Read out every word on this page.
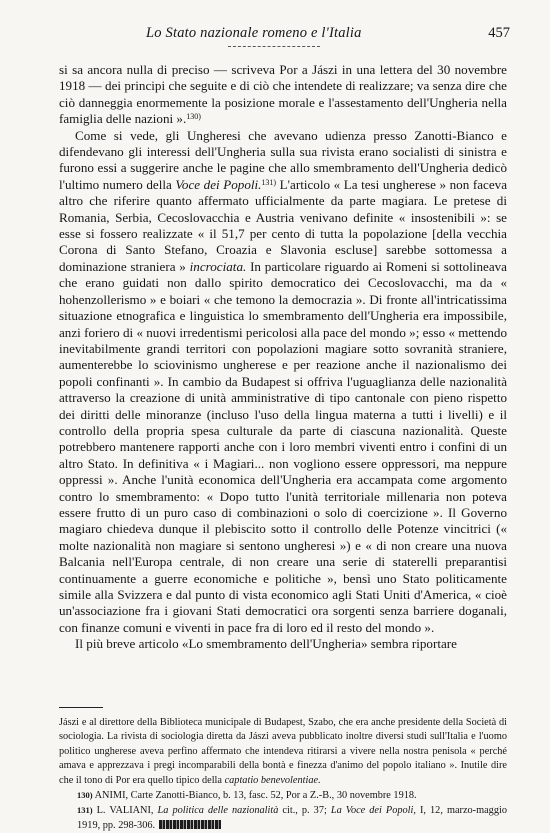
Lo Stato nazionale romeno e l'Italia	457

si sa ancora nulla di preciso — scriveva Por a Jászi in una lettera del 30 novembre 1918 — dei principi che seguite e di ciò che intendete di realizzare; va senza dire che ciò danneggia enormemente la posizione morale e l'assestamento dell'Ungheria nella famiglia delle nazioni ».$^{130)}$

Come si vede, gli Ungheresi che avevano udienza presso Zanotti-Bianco e difendevano gli interessi dell'Ungheria sulla sua rivista erano socialisti di sinistra e furono essi a suggerire anche le pagine che allo smembramento dell'Ungheria dedicò l'ultimo numero della Voce dei Popoli.$^{131)}$ L'articolo « La tesi ungherese » non faceva altro che riferire quanto affermato ufficialmente da parte magiara. Le pretese di Romania, Serbia, Cecoslovacchia e Austria venivano definite « insostenibili »: se esse si fossero realizzate « il 51,7 per cento di tutta la popolazione [della vecchia Corona di Santo Stefano, Croazia e Slavonia escluse] sarebbe sottomessa a dominazione straniera » incrociata. In particolare riguardo ai Romeni si sottolineava che erano guidati non dallo spirito democratico dei Cecoslovacchi, ma da « hohenzollerismo » e boiari « che temono la democrazia ». Di fronte all'intricatissima situazione etnografica e linguistica lo smembramento dell'Ungheria era impossibile, anzi foriero di « nuovi irredentismi pericolosi alla pace del mondo »; esso « mettendo inevitabilmente grandi territori con popolazioni magiare sotto sovranità straniere, aumenterebbe lo sciovinismo ungherese e per reazione anche il nazionalismo dei popoli confinanti ». In cambio da Budapest si offriva l'uguaglianza delle nazionalità attraverso la creazione di unità amministrative di tipo cantonale con pieno rispetto dei diritti delle minoranze (incluso l'uso della lingua materna a tutti i livelli) e il controllo della propria spesa culturale da parte di ciascuna nazionalità. Queste potrebbero mantenere rapporti anche con i loro membri viventi entro i confini di un altro Stato. In definitiva « i Magiari... non vogliono essere oppressori, ma neppure oppressi ». Anche l'unità economica dell'Ungheria era accampata come argomento contro lo smembramento: « Dopo tutto l'unità territoriale millenaria non poteva essere frutto di un puro caso di combinazioni o solo di coercizione ». Il Governo magiaro chiedeva dunque il plebiscito sotto il controllo delle Potenze vincitrici (« molte nazionalità non magiare si sentono ungheresi ») e « di non creare una nuova Balcania nell'Europa centrale, di non creare una serie di staterelli preparantisi continuamente a guerre economiche e politiche », bensì uno Stato politicamente simile alla Svizzera e dal punto di vista economico agli Stati Uniti d'America, « cioè un'associazione fra i giovani Stati democratici ora sorgenti senza barriere doganali, con finanze comuni e viventi in pace fra di loro ed il resto del mondo ».

Il più breve articolo «Lo smembramento dell'Ungheria» sembra riportare

Jászi e al direttore della Biblioteca municipale di Budapest, Szabo, che era anche presidente della Società di sociologia. La rivista di sociologia diretta da Jászi aveva pubblicato inoltre diversi studi sull'Italia e l'uomo politico ungherese aveva perfino affermato che intendeva ritirarsi a vivere nella nostra penisola « perché amava e apprezzava i pregi incomparabili della bontà e finezza d'animo del popolo italiano ». Inutile dire che il tono di Por era quello tipico della captatio benevolentiae.

130) ANIMI, Carte Zanotti-Bianco, b. 13, fasc. 52, Por a Z.-B., 30 novembre 1918.

131) L. VALIANI, La politica delle nazionalità cit., p. 37; La Voce dei Popoli, I, 12, marzo-maggio 1919, pp. 298-306.
